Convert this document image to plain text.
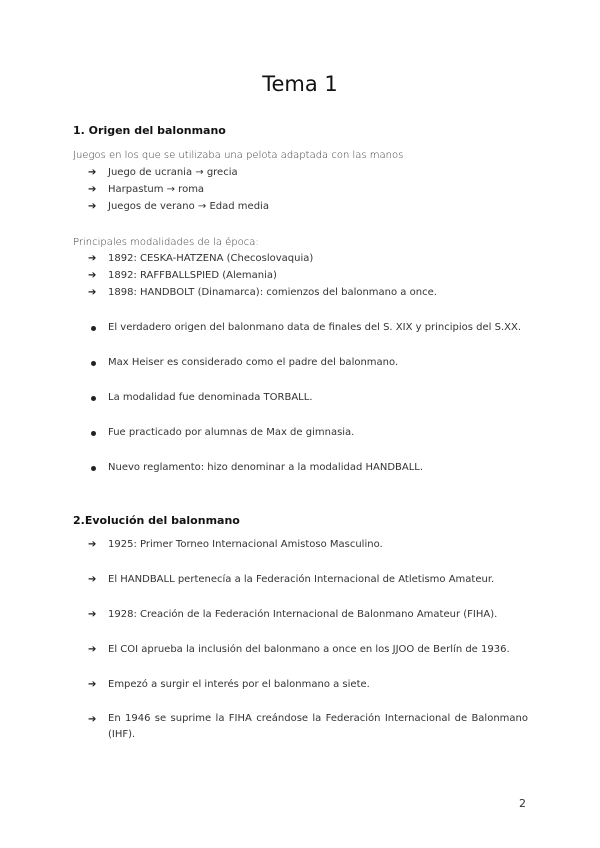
Tema 1

1. Origen del balonmano

Juegos en los que se utilizaba una pelota adaptada con las manos

➔ Juego de ucrania → grecia
➔ Harpastum → roma
➔ Juegos de verano → Edad media

Principales modalidades de la época:

➔ 1892: CESKA-HATZENA (Checoslovaquia)
➔ 1892: RAFFBALLSPIED (Alemania)
➔ 1898: HANDBOLT (Dinamarca): comienzos del balonmano a once.
El verdadero origen del balonmano data de finales del S. XIX y principios del S.XX.
Max Heiser es considerado como el padre del balonmano.
La modalidad fue denominada TORBALL.
Fue practicado por alumnas de Max de gimnasia.
Nuevo reglamento: hizo denominar a la modalidad HANDBALL.

2.Evolución del balonmano

➔ 1925: Primer Torneo Internacional Amistoso Masculino.
➔ El HANDBALL pertenecía a la Federación Internacional de Atletismo Amateur.
➔ 1928: Creación de la Federación Internacional de Balonmano Amateur (FIHA).
➔ El COI aprueba la inclusión del balonmano a once en los JJOO de Berlín de 1936.
➔ Empezó a surgir el interés por el balonmano a siete.
➔ En 1946 se suprime la FIHA creándose la Federación Internacional de Balonmano (IHF).
2
